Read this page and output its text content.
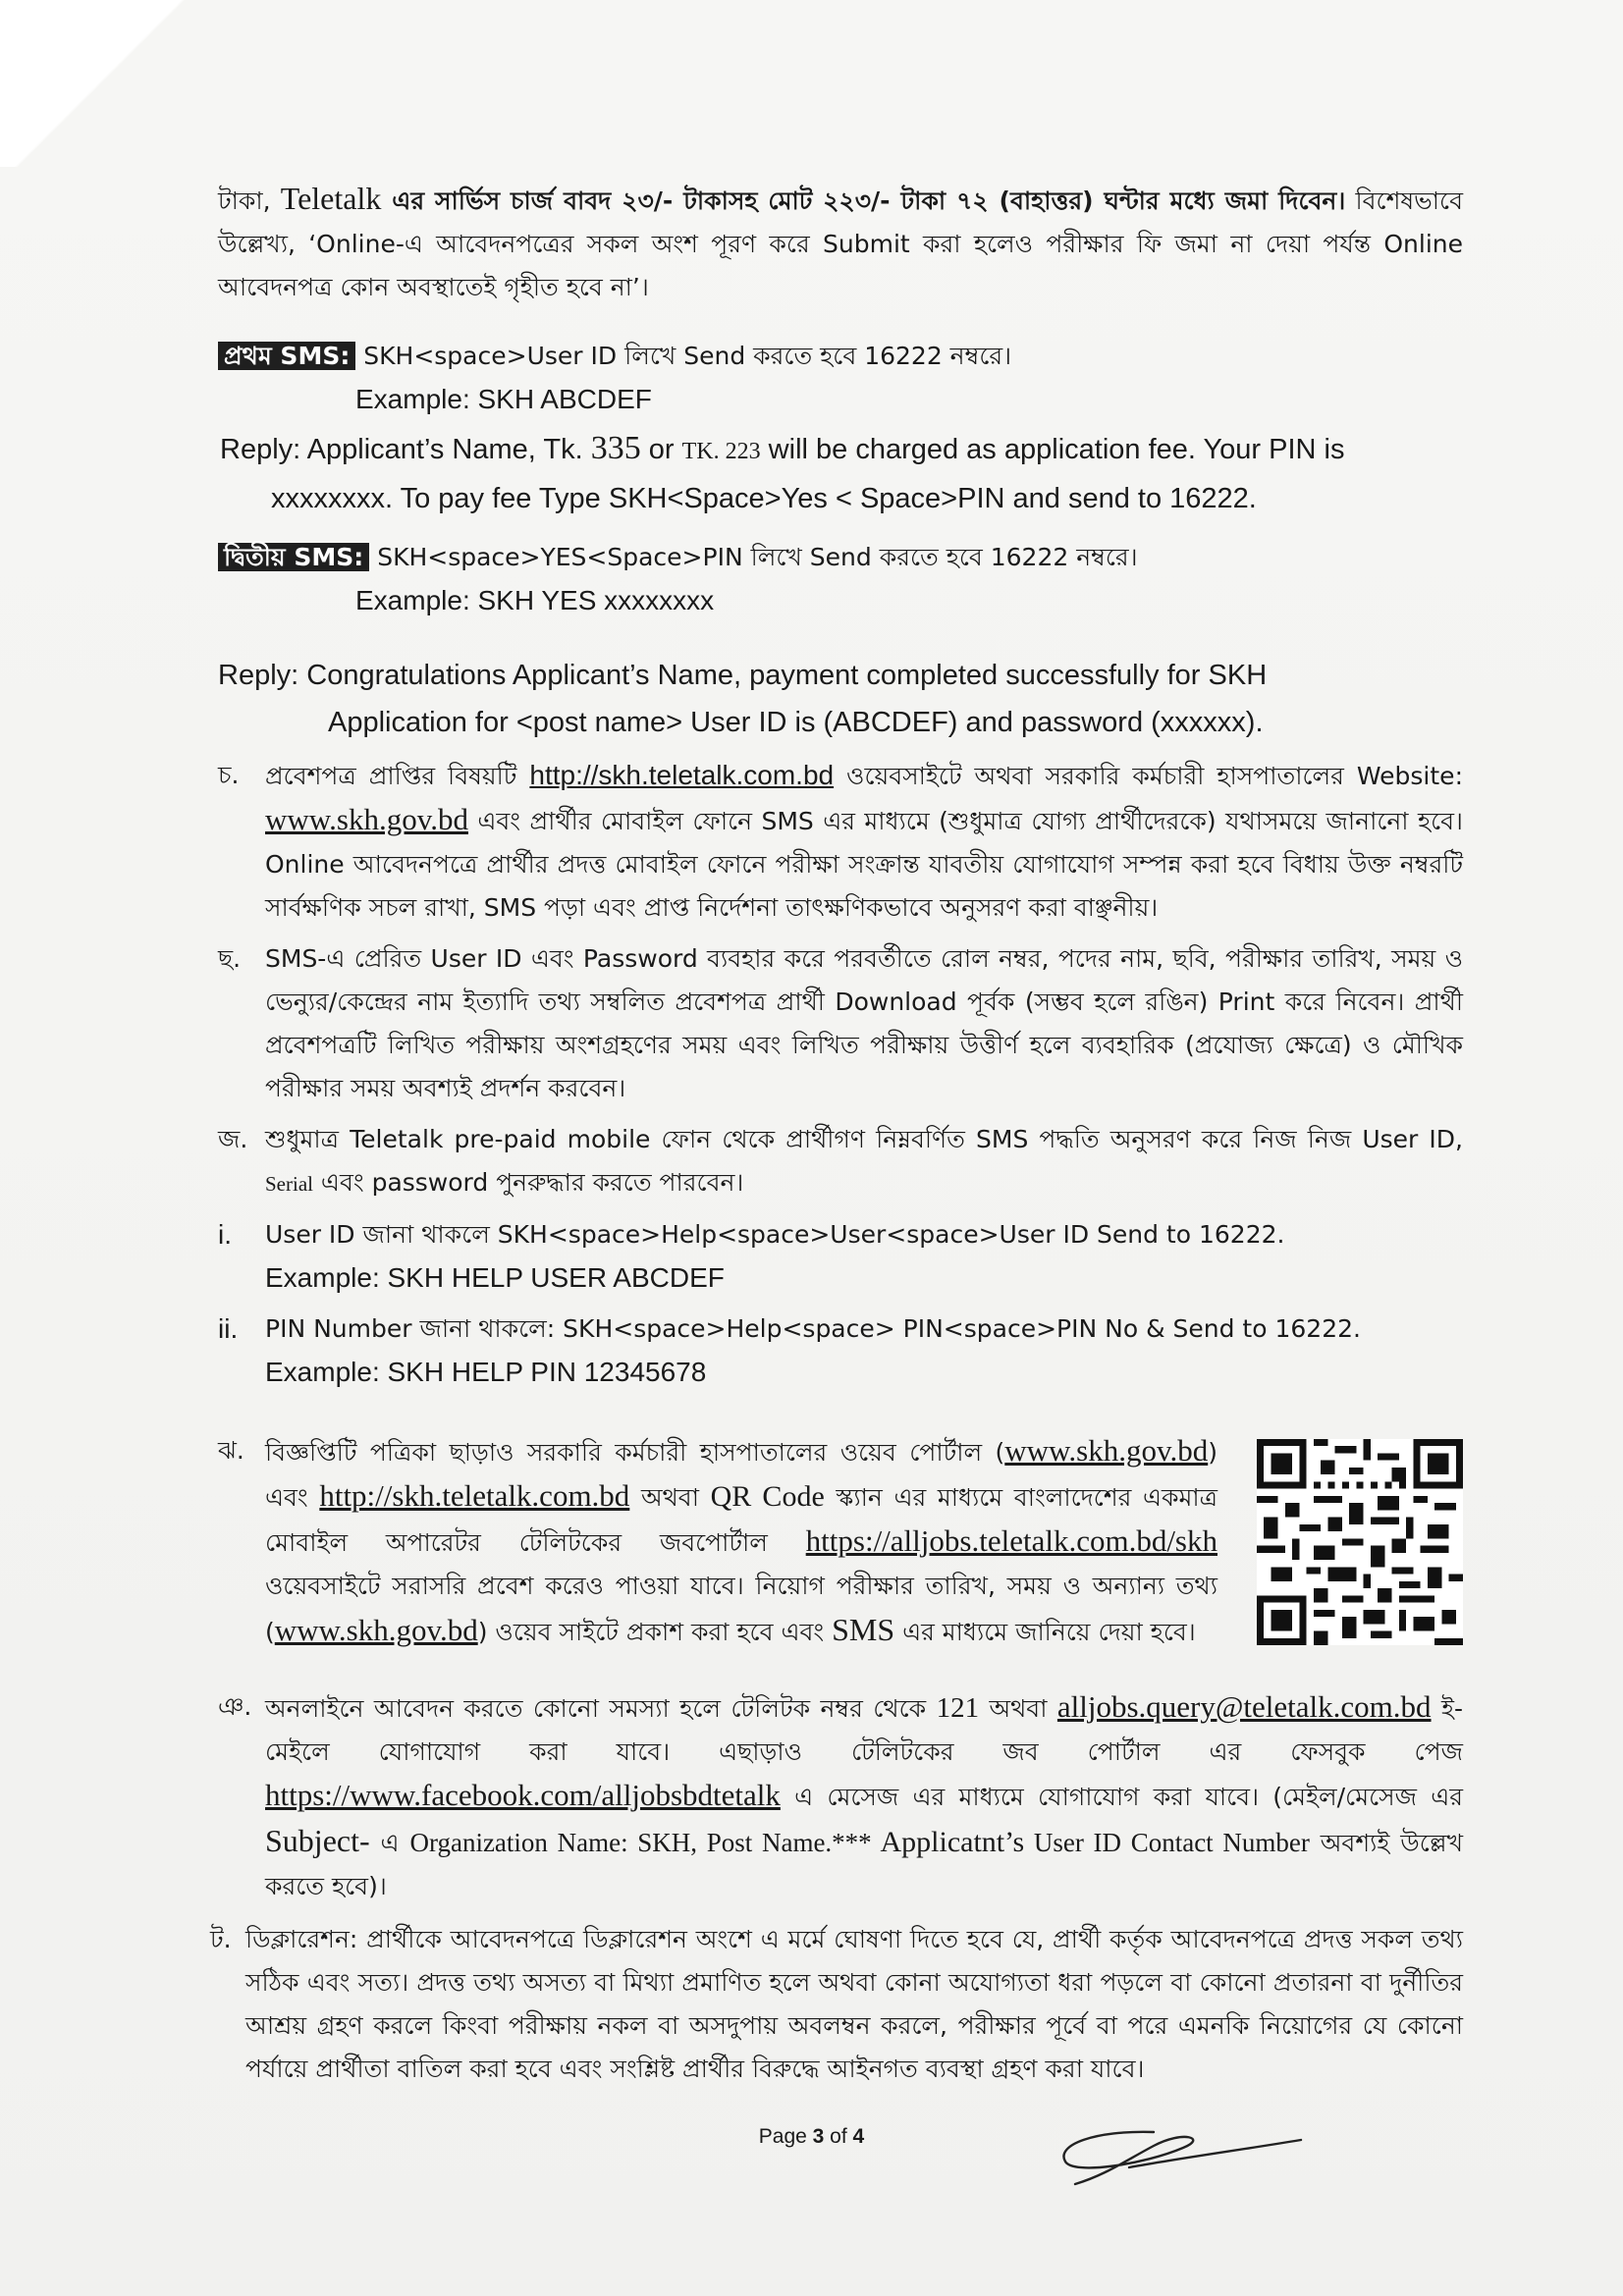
টাকা, Teletalk এর সার্ভিস চার্জ বাবদ ২৩/- টাকাসহ মোট ২২৩/- টাকা ৭২ (বাহাত্তর) ঘন্টার মধ্যে জমা দিবেন। বিশেষভাবে উল্লেখ্য, ‘Online-এ আবেদনপত্রের সকল অংশ পূরণ করে Submit করা হলেও পরীক্ষার ফি জমা না দেয়া পর্যন্ত Online আবেদনপত্র কোন অবস্থাতেই গৃহীত হবে না’।

প্রথম SMS: SKH<space>User ID লিখে Send করতে হবে 16222 নম্বরে।

Example: SKH ABCDEF

Reply: Applicant’s Name, Tk. 335 or TK. 223 will be charged as application fee. Your PIN is

xxxxxxxx. To pay fee Type SKH<Space>Yes < Space>PIN and send to 16222.

দ্বিতীয় SMS: SKH<space>YES<Space>PIN লিখে Send করতে হবে 16222 নম্বরে।

Example: SKH YES xxxxxxxx

Reply: Congratulations Applicant’s Name, payment completed successfully for SKH

Application for <post name> User ID is (ABCDEF) and password (xxxxxx).

চ.	প্রবেশপত্র প্রাপ্তির বিষয়টি http://skh.teletalk.com.bd ওয়েবসাইটে অথবা সরকারি কর্মচারী হাসপাতালের Website: www.skh.gov.bd এবং প্রার্থীর মোবাইল ফোনে SMS এর মাধ্যমে (শুধুমাত্র যোগ্য প্রার্থীদেরকে) যথাসময়ে জানানো হবে। Online আবেদনপত্রে প্রার্থীর প্রদত্ত মোবাইল ফোনে পরীক্ষা সংক্রান্ত যাবতীয় যোগাযোগ সম্পন্ন করা হবে বিধায় উক্ত নম্বরটি সার্বক্ষণিক সচল রাখা, SMS পড়া এবং প্রাপ্ত নির্দেশনা তাৎক্ষণিকভাবে অনুসরণ করা বাঞ্ছনীয়।
ছ. SMS-এ প্রেরিত User ID এবং Password ব্যবহার করে পরবর্তীতে রোল নম্বর, পদের নাম, ছবি, পরীক্ষার তারিখ, সময় ও ভেন্যুর/কেন্দ্রের নাম ইত্যাদি তথ্য সম্বলিত প্রবেশপত্র প্রার্থী Download পূর্বক (সম্ভব হলে রঙিন) Print করে নিবেন। প্রার্থী প্রবেশপত্রটি লিখিত পরীক্ষায় অংশগ্রহণের সময় এবং লিখিত পরীক্ষায় উত্তীর্ণ হলে ব্যবহারিক (প্রযোজ্য ক্ষেত্রে) ও মৌখিক পরীক্ষার সময় অবশ্যই প্রদর্শন করবেন।
জ. শুধুমাত্র Teletalk pre-paid mobile ফোন থেকে প্রার্থীগণ নিম্নবর্ণিত SMS পদ্ধতি অনুসরণ করে নিজ নিজ User ID, Serial এবং password পুনরুদ্ধার করতে পারবেন।
i.	User ID জানা থাকলে SKH<space>Help<space>User<space>User ID Send to 16222.

Example: SKH HELP USER ABCDEF

ii.	PIN Number জানা থাকলে: SKH<space>Help<space> PIN<space>PIN No & Send to 16222.

Example: SKH HELP PIN 12345678

ঝ. বিজ্ঞপ্তিটি পত্রিকা ছাড়াও সরকারি কর্মচারী হাসপাতালের ওয়েব পোর্টাল (www.skh.gov.bd) এবং http://skh.teletalk.com.bd অথবা QR Code স্ক্যান এর মাধ্যমে বাংলাদেশের একমাত্র মোবাইল অপারেটর টেলিটকের জবপোর্টাল https://alljobs.teletalk.com.bd/skh ওয়েবসাইটে সরাসরি প্রবেশ করেও পাওয়া যাবে। নিয়োগ পরীক্ষার তারিখ, সময় ও অন্যান্য তথ্য (www.skh.gov.bd) ওয়েব সাইটে প্রকাশ করা হবে এবং SMS এর মাধ্যমে জানিয়ে দেয়া হবে।
ঞ. অনলাইনে আবেদন করতে কোনো সমস্যা হলে টেলিটক নম্বর থেকে 121 অথবা alljobs.query@teletalk.com.bd ই-মেইলে যোগাযোগ করা যাবে। এছাড়াও টেলিটকের জব পোর্টাল এর ফেসবুক পেজ https://www.facebook.com/alljobsbdtetalk এ মেসেজ এর মাধ্যমে যোগাযোগ করা যাবে। (মেইল/মেসেজ এর Subject- এ Organization Name: SKH, Post Name.*** Applicatnt’s User ID Contact Number অবশ্যই উল্লেখ করতে হবে)।
ট. ডিক্লারেশন: প্রার্থীকে আবেদনপত্রে ডিক্লারেশন অংশে এ মর্মে ঘোষণা দিতে হবে যে, প্রার্থী কর্তৃক আবেদনপত্রে প্রদত্ত সকল তথ্য সঠিক এবং সত্য। প্রদত্ত তথ্য অসত্য বা মিথ্যা প্রমাণিত হলে অথবা কোনা অযোগ্যতা ধরা পড়লে বা কোনো প্রতারনা বা দুর্নীতির আশ্রয় গ্রহণ করলে কিংবা পরীক্ষায় নকল বা অসদুপায় অবলম্বন করলে, পরীক্ষার পূর্বে বা পরে এমনকি নিয়োগের যে কোনো পর্যায়ে প্রার্থীতা বাতিল করা হবে এবং সংশ্লিষ্ট প্রার্থীর বিরুদ্ধে আইনগত ব্যবস্থা গ্রহণ করা যাবে।
Page 3 of 4
